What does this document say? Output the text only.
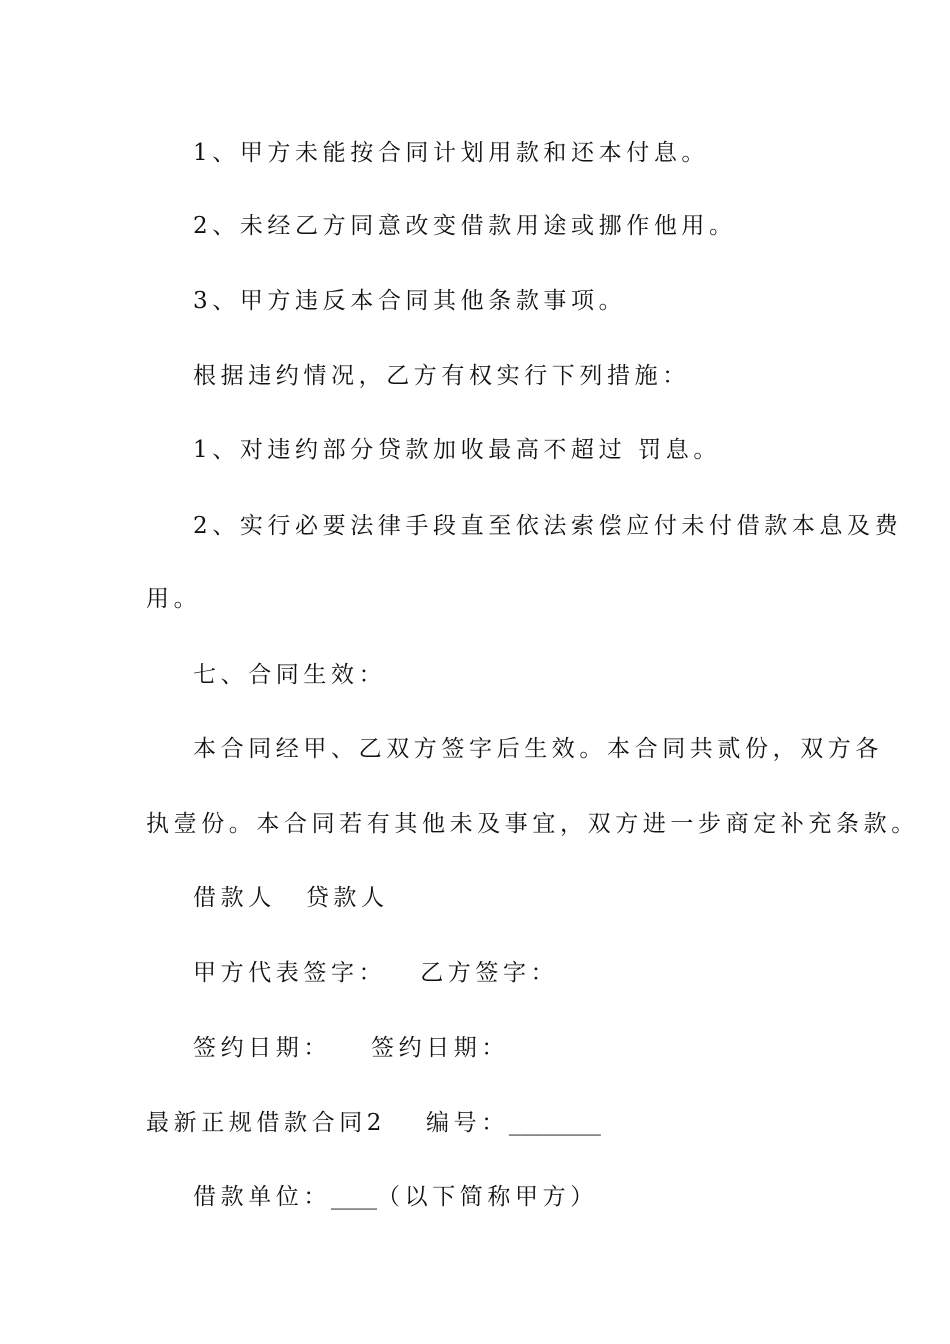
1、甲方未能按合同计划用款和还本付息。
2、未经乙方同意改变借款用途或挪作他用。
3、甲方违反本合同其他条款事项。
根据违约情况，乙方有权实行下列措施：
1、对违约部分贷款加收最高不超过 罚息。
2、实行必要法律手段直至依法索偿应付未付借款本息及费
用。
七、合同生效：
本合同经甲、乙双方签字后生效。本合同共贰份，双方各
执壹份。本合同若有其他未及事宜，双方进一步商定补充条款。
借款人 贷款人
甲方代表签字： 乙方签字：
签约日期： 签约日期：
最新正规借款合同2 编号：________
借款单位：____（以下简称甲方）
